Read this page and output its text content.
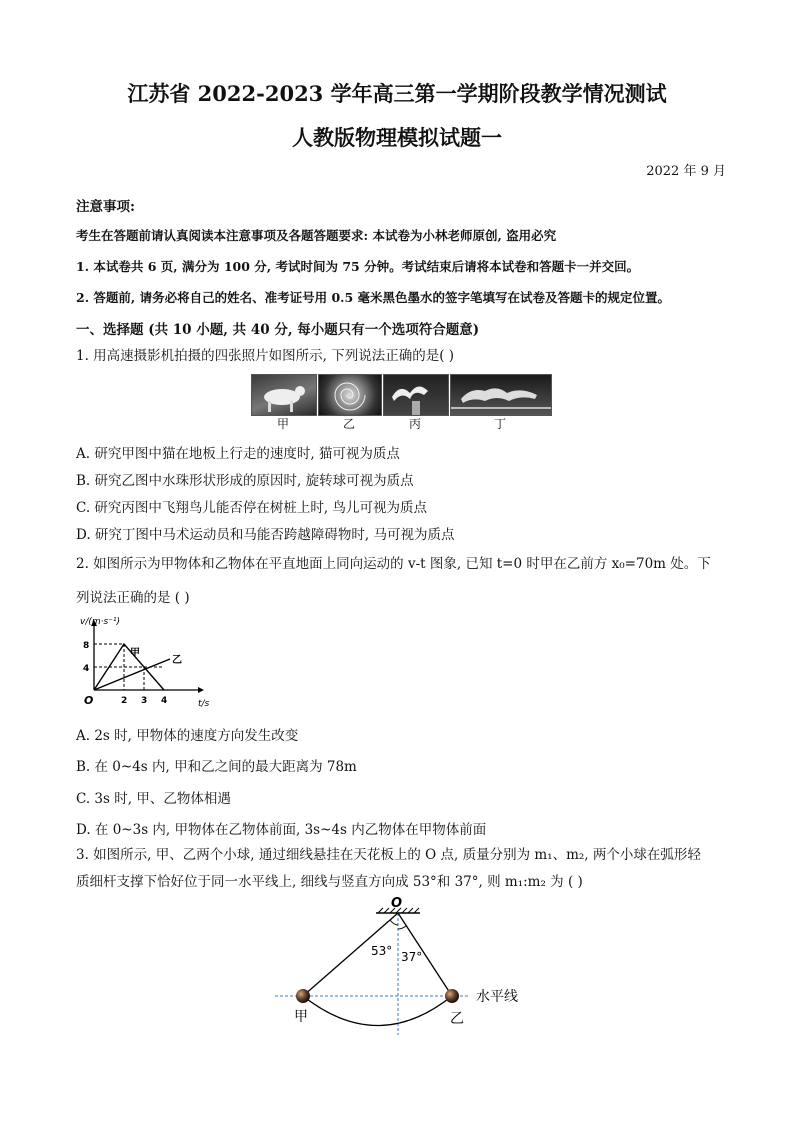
江苏省 2022-2023 学年高三第一学期阶段教学情况测试
人教版物理模拟试题一
2022 年 9 月
注意事项:
考生在答题前请认真阅读本注意事项及各题答题要求: 本试卷为小林老师原创, 盗用必究
1. 本试卷共 6 页, 满分为 100 分, 考试时间为 75 分钟。考试结束后请将本试卷和答题卡一并交回。
2. 答题前, 请务必将自己的姓名、准考证号用 0.5 毫米黑色墨水的签字笔填写在试卷及答题卡的规定位置。
一、选择题 (共 10 小题, 共 40 分, 每小题只有一个选项符合题意)
1. 用高速摄影机拍摄的四张照片如图所示, 下列说法正确的是( )
甲	乙	丙	丁
A. 研究甲图中猫在地板上行走的速度时, 猫可视为质点
B. 研究乙图中水珠形状形成的原因时, 旋转球可视为质点
C. 研究丙图中飞翔鸟儿能否停在树桩上时, 鸟儿可视为质点
D. 研究丁图中马术运动员和马能否跨越障碍物时, 马可视为质点
2. 如图所示为甲物体和乙物体在平直地面上同向运动的 v-t 图象, 已知 t=0 时甲在乙前方 x₀=70m 处。下
列说法正确的是 ( )
v/(m·s⁻¹)
t/s
O
8
4
2 3 4
甲
乙
A. 2s 时, 甲物体的速度方向发生改变
B. 在 0~4s 内, 甲和乙之间的最大距离为 78m
C. 3s 时, 甲、乙物体相遇
D. 在 0~3s 内, 甲物体在乙物体前面, 3s~4s 内乙物体在甲物体前面
3. 如图所示, 甲、乙两个小球, 通过细线悬挂在天花板上的 O 点, 质量分别为 m₁、m₂, 两个小球在弧形轻
质细杆支撑下恰好位于同一水平线上, 细线与竖直方向成 53°和 37°, 则 m₁:m₂ 为 ( )
O
53° 37°
水平线
甲	乙
